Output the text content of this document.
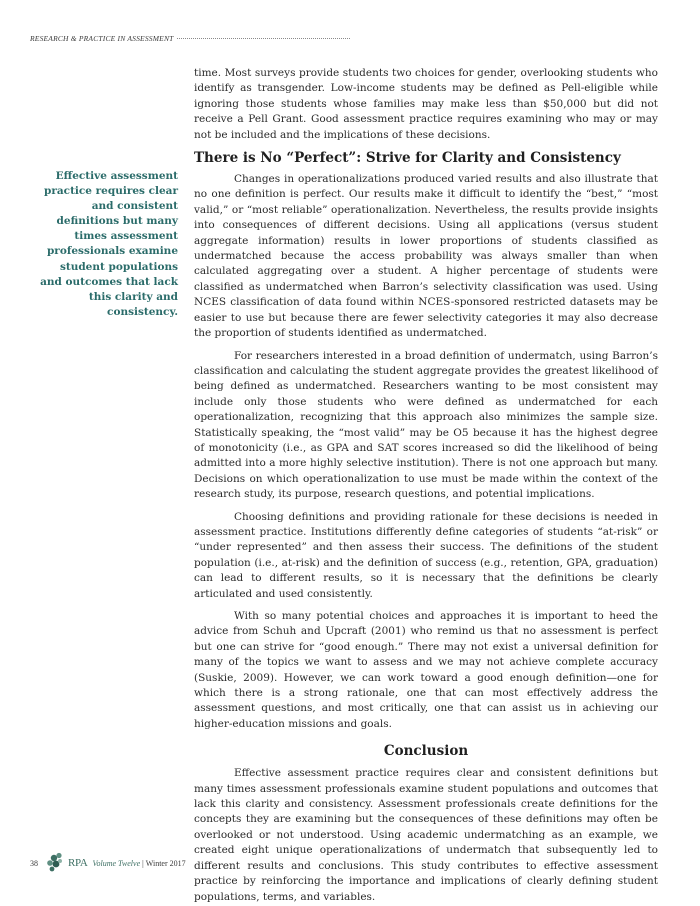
RESEARCH & PRACTICE IN ASSESSMENT
Effective assessment practice requires clear and consistent definitions but many times assessment professionals examine student populations and outcomes that lack this clarity and consistency.

time. Most surveys provide students two choices for gender, overlooking students who identify as transgender. Low-income students may be defined as Pell-eligible while ignoring those students whose families may make less than $50,000 but did not receive a Pell Grant. Good assessment practice requires examining who may or may not be included and the implications of these decisions.

There is No “Perfect”: Strive for Clarity and Consistency

Changes in operationalizations produced varied results and also illustrate that no one definition is perfect. Our results make it difficult to identify the “best,” “most valid,” or “most reliable” operationalization. Nevertheless, the results provide insights into consequences of different decisions. Using all applications (versus student aggregate information) results in lower proportions of students classified as undermatched because the access probability was always smaller than when calculated aggregating over a student. A higher percentage of students were classified as undermatched when Barron’s selectivity classification was used. Using NCES classification of data found within NCES-sponsored restricted datasets may be easier to use but because there are fewer selectivity categories it may also decrease the proportion of students identified as undermatched.

For researchers interested in a broad definition of undermatch, using Barron’s classification and calculating the student aggregate provides the greatest likelihood of being defined as undermatched. Researchers wanting to be most consistent may include only those students who were defined as undermatched for each operationalization, recognizing that this approach also minimizes the sample size. Statistically speaking, the “most valid” may be O5 because it has the highest degree of monotonicity (i.e., as GPA and SAT scores increased so did the likelihood of being admitted into a more highly selective institution). There is not one approach but many. Decisions on which operationalization to use must be made within the context of the research study, its purpose, research questions, and potential implications.

Choosing definitions and providing rationale for these decisions is needed in assessment practice. Institutions differently define categories of students “at-risk” or “under represented” and then assess their success. The definitions of the student population (i.e., at-risk) and the definition of success (e.g., retention, GPA, graduation) can lead to different results, so it is necessary that the definitions be clearly articulated and used consistently.

With so many potential choices and approaches it is important to heed the advice from Schuh and Upcraft (2001) who remind us that no assessment is perfect but one can strive for “good enough.” There may not exist a universal definition for many of the topics we want to assess and we may not achieve complete accuracy (Suskie, 2009). However, we can work toward a good enough definition—one for which there is a strong rationale, one that can most effectively address the assessment questions, and most critically, one that can assist us in achieving our higher-education missions and goals.

Conclusion

Effective assessment practice requires clear and consistent definitions but many times assessment professionals examine student populations and outcomes that lack this clarity and consistency. Assessment professionals create definitions for the concepts they are examining but the consequences of these definitions may often be overlooked or not understood. Using academic undermatching as an example, we created eight unique operationalizations of undermatch that subsequently led to different results and conclusions. This study contributes to effective assessment practice by reinforcing the importance and implications of clearly defining student populations, terms, and variables.

38	RPA Volume Twelve | Winter 2017
